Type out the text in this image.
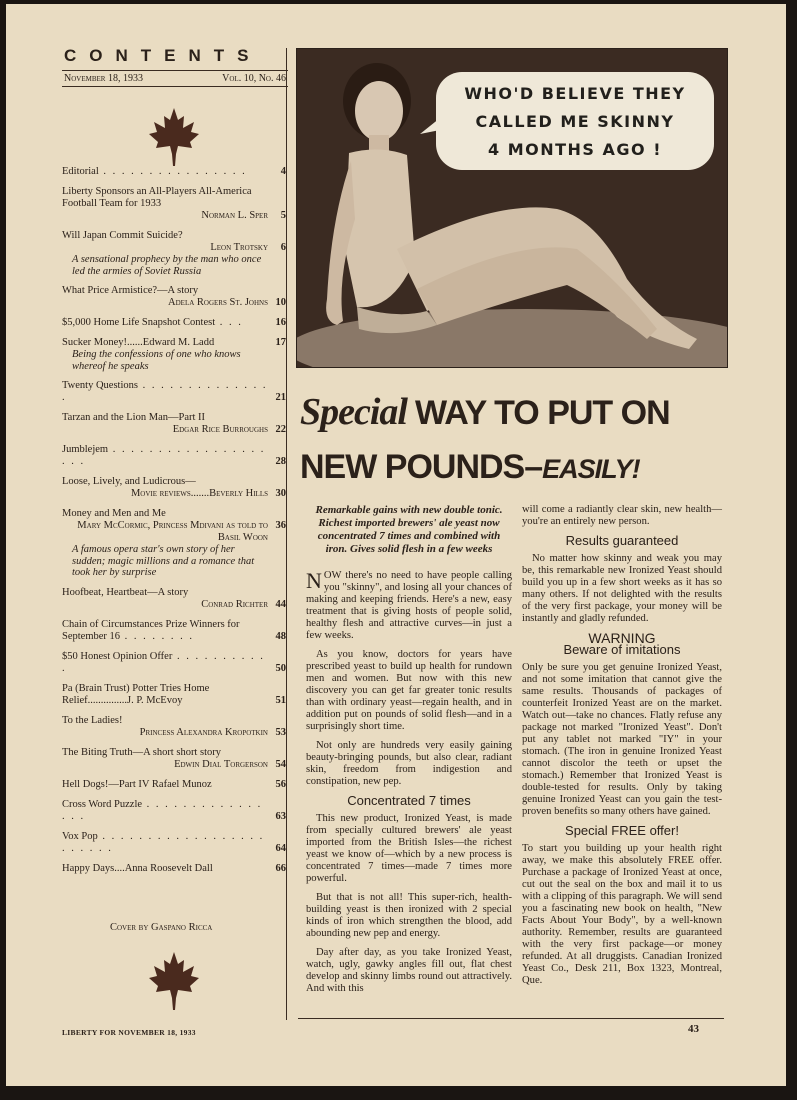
CONTENTS
November 18, 1933	Vol. 10, No. 46
Editorial . . . . . . . . . . . . . . . .	4
Liberty Sponsors an All-Players All-America Football Team for 1933
Norman L. Sper 5
Will Japan Commit Suicide?
Leon Trotsky
A sensational prophecy by the man who once led the armies of Soviet Russia
6
What Price Armistice?—A story
Adela Rogers St. Johns 10
$5,000 Home Life Snapshot Contest . . .	16
Sucker Money!......Edward M. Ladd
Being the confessions of one who knows whereof he speaks
17
Twenty Questions . . . . . . . . . . . . . . .	21
Tarzan and the Lion Man—Part II
Edgar Rice Burroughs 22
Jumblejem . . . . . . . . . . . . . . . . . . . .	28
Loose, Lively, and Ludicrous—
Movie reviews.......Beverly Hills 30
Money and Men and Me
Mary McCormic, Princess Mdivani as told to Basil Woon
A famous opera star's own story of her sudden; magic millions and a romance that took her by surprise
36
Hoofbeat, Heartbeat—A story
Conrad Richter 44
Chain of Circumstances Prize Winners for September 16 . . . . . . . .	48
$50 Honest Opinion Offer . . . . . . . . . . .	50
Pa (Brain Trust) Potter Tries Home Relief...............J. P. McEvoy	51
To the Ladies!
Princess Alexandra Kropotkin 53
The Biting Truth—A short short story
Edwin Dial Torgerson 54
Hell Dogs!—Part IV Rafael Munoz	56
Cross Word Puzzle . . . . . . . . . . . . . . . .	63
Vox Pop . . . . . . . . . . . . . . . . . . . . . . . .	64
Happy Days....Anna Roosevelt Dall	66
Cover by Gaspano Ricca
WHO'D BELIEVE THEY
CALLED ME SKINNY
4 MONTHS AGO !
Special WAY TO PUT ON
NEW POUNDS–EASILY!
Remarkable gains with new double tonic. Richest imported brewers' ale yeast now concentrated 7 times and combined with iron. Gives solid flesh in a few weeks

NOW there's no need to have people calling you "skinny", and losing all your chances of making and keeping friends. Here's a new, easy treatment that is giving hosts of people solid, healthy flesh and attractive curves—in just a few weeks.

As you know, doctors for years have prescribed yeast to build up health for rundown men and women. But now with this new discovery you can get far greater tonic results than with ordinary yeast—regain health, and in addition put on pounds of solid flesh—and in a surprisingly short time.

Not only are hundreds very easily gaining beauty-bringing pounds, but also clear, radiant skin, freedom from indigestion and constipation, new pep.

Concentrated 7 times

This new product, Ironized Yeast, is made from specially cultured brewers' ale yeast imported from the British Isles—the richest yeast we know of—which by a new process is concentrated 7 times—made 7 times more powerful.

But that is not all! This super-rich, health-building yeast is then ironized with 2 special kinds of iron which strengthen the blood, add abounding new pep and energy.

Day after day, as you take Ironized Yeast, watch, ugly, gawky angles fill out, flat chest develop and skinny limbs round out attractively. And with this

will come a radiantly clear skin, new health—you're an entirely new person.

Results guaranteed

No matter how skinny and weak you may be, this remarkable new Ironized Yeast should build you up in a few short weeks as it has so many others. If not delighted with the results of the very first package, your money will be instantly and gladly refunded.

WARNING
Beware of imitations

Only be sure you get genuine Ironized Yeast, and not some imitation that cannot give the same results. Thousands of packages of counterfeit Ironized Yeast are on the market. Watch out—take no chances. Flatly refuse any package not marked "Ironized Yeast". Don't put any tablet not marked "IY" in your stomach. (The iron in genuine Ironized Yeast cannot discolor the teeth or upset the stomach.) Remember that Ironized Yeast is double-tested for results. Only by taking genuine Ironized Yeast can you gain the test-proven benefits so many others have gained.

Special FREE offer!

To start you building up your health right away, we make this absolutely FREE offer. Purchase a package of Ironized Yeast at once, cut out the seal on the box and mail it to us with a clipping of this paragraph. We will send you a fascinating new book on health, "New Facts About Your Body", by a well-known authority. Remember, results are guaranteed with the very first package—or money refunded. At all druggists. Canadian Ironized Yeast Co., Desk 211, Box 1323, Montreal, Que.

LIBERTY FOR NOVEMBER 18, 1933	43
